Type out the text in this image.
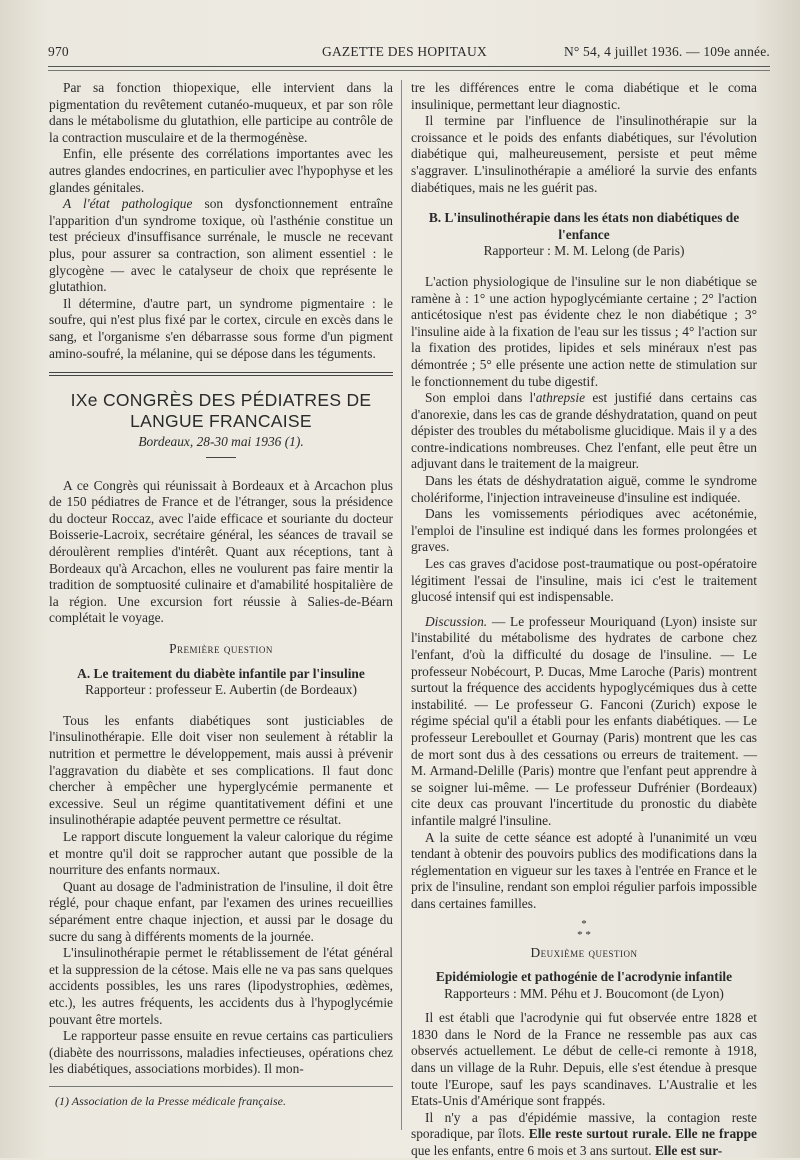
970	GAZETTE DES HOPITAUX	N° 54, 4 juillet 1936. — 109e année.

Par sa fonction thiopexique, elle intervient dans la pigmentation du revêtement cutanéo-muqueux, et par son rôle dans le métabolisme du glutathion, elle participe au contrôle de la contraction musculaire et de la thermogénèse.

Enfin, elle présente des corrélations importantes avec les autres glandes endocrines, en particulier avec l'hypophyse et les glandes génitales.

A l'état pathologique son dysfonctionnement entraîne l'apparition d'un syndrome toxique, où l'asthénie constitue un test précieux d'insuffisance surrénale, le muscle ne recevant plus, pour assurer sa contraction, son aliment essentiel : le glycogène — avec le catalyseur de choix que représente le glutathion.

Il détermine, d'autre part, un syndrome pigmentaire : le soufre, qui n'est plus fixé par le cortex, circule en excès dans le sang, et l'organisme s'en débarrasse sous forme d'un pigment amino-soufré, la mélanine, qui se dépose dans les téguments.

IXe CONGRÈS DES PÉDIATRES DE LANGUE FRANCAISE
Bordeaux, 28-30 mai 1936 (1).

A ce Congrès qui réunissait à Bordeaux et à Arcachon plus de 150 pédiatres de France et de l'étranger, sous la présidence du docteur Roccaz, avec l'aide efficace et souriante du docteur Boisserie-Lacroix, secrétaire général, les séances de travail se déroulèrent remplies d'intérêt. Quant aux réceptions, tant à Bordeaux qu'à Arcachon, elles ne voulurent pas faire mentir la tradition de somptuosité culinaire et d'amabilité hospitalière de la région. Une excursion fort réussie à Salies-de-Béarn complétait le voyage.

Première question

A. Le traitement du diabète infantile par l'insuline

Rapporteur : professeur E. Aubertin (de Bordeaux)

Tous les enfants diabétiques sont justiciables de l'insulinothérapie. Elle doit viser non seulement à rétablir la nutrition et permettre le développement, mais aussi à prévenir l'aggravation du diabète et ses complications. Il faut donc chercher à empêcher une hyperglycémie permanente et excessive. Seul un régime quantitativement défini et une insulinothérapie adaptée peuvent permettre ce résultat.

Le rapport discute longuement la valeur calorique du régime et montre qu'il doit se rapprocher autant que possible de la nourriture des enfants normaux.

Quant au dosage de l'administration de l'insuline, il doit être réglé, pour chaque enfant, par l'examen des urines recueillies séparément entre chaque injection, et aussi par le dosage du sucre du sang à différents moments de la journée.

L'insulinothérapie permet le rétablissement de l'état général et la suppression de la cétose. Mais elle ne va pas sans quelques accidents possibles, les uns rares (lipodystrophies, œdèmes, etc.), les autres fréquents, les accidents dus à l'hypoglycémie pouvant être mortels.

Le rapporteur passe ensuite en revue certains cas particuliers (diabète des nourrissons, maladies infectieuses, opérations chez les diabétiques, associations morbides). Il mon-

(1) Association de la Presse médicale française.

tre les différences entre le coma diabétique et le coma insulinique, permettant leur diagnostic.

Il termine par l'influence de l'insulinothérapie sur la croissance et le poids des enfants diabétiques, sur l'évolution diabétique qui, malheureusement, persiste et peut même s'aggraver. L'insulinothérapie a amélioré la survie des enfants diabétiques, mais ne les guérit pas.

B. L'insulinothérapie dans les états non diabétiques de l'enfance

Rapporteur : M. M. Lelong (de Paris)

L'action physiologique de l'insuline sur le non diabétique se ramène à : 1° une action hypoglycémiante certaine ; 2° l'action anticétosique n'est pas évidente chez le non diabétique ; 3° l'insuline aide à la fixation de l'eau sur les tissus ; 4° l'action sur la fixation des protides, lipides et sels minéraux n'est pas démontrée ; 5° elle présente une action nette de stimulation sur le fonctionnement du tube digestif.

Son emploi dans l'athrepsie est justifié dans certains cas d'anorexie, dans les cas de grande déshydratation, quand on peut dépister des troubles du métabolisme glucidique. Mais il y a des contre-indications nombreuses. Chez l'enfant, elle peut être un adjuvant dans le traitement de la maigreur.

Dans les états de déshydratation aiguë, comme le syndrome cholériforme, l'injection intraveineuse d'insuline est indiquée.

Dans les vomissements périodiques avec acétonémie, l'emploi de l'insuline est indiqué dans les formes prolongées et graves.

Les cas graves d'acidose post-traumatique ou post-opératoire légitiment l'essai de l'insuline, mais ici c'est le traitement glucosé intensif qui est indispensable.

Discussion. — Le professeur Mouriquand (Lyon) insiste sur l'instabilité du métabolisme des hydrates de carbone chez l'enfant, d'où la difficulté du dosage de l'insuline. — Le professeur Nobécourt, P. Ducas, Mme Laroche (Paris) montrent surtout la fréquence des accidents hypoglycémiques dus à cette instabilité. — Le professeur G. Fanconi (Zurich) expose le régime spécial qu'il a établi pour les enfants diabétiques. — Le professeur Lereboullet et Gournay (Paris) montrent que les cas de mort sont dus à des cessations ou erreurs de traitement. — M. Armand-Delille (Paris) montre que l'enfant peut apprendre à se soigner lui-même. — Le professeur Dufrénier (Bordeaux) cite deux cas prouvant l'incertitude du pronostic du diabète infantile malgré l'insuline.

A la suite de cette séance est adopté à l'unanimité un vœu tendant à obtenir des pouvoirs publics des modifications dans la réglementation en vigueur sur les taxes à l'entrée en France et le prix de l'insuline, rendant son emploi régulier parfois impossible dans certaines familles.

*
* *

Deuxième question

Epidémiologie et pathogénie de l'acrodynie infantile

Rapporteurs : MM. Péhu et J. Boucomont (de Lyon)

Il est établi que l'acrodynie qui fut observée entre 1828 et 1830 dans le Nord de la France ne ressemble pas aux cas observés actuellement. Le début de celle-ci remonte à 1918, dans un village de la Ruhr. Depuis, elle s'est étendue à presque toute l'Europe, sauf les pays scandinaves. L'Australie et les Etats-Unis d'Amérique sont frappés.

Il n'y a pas d'épidémie massive, la contagion reste sporadique, par îlots. Elle reste surtout rurale. Elle ne frappe que les enfants, entre 6 mois et 3 ans surtout. Elle est sur-
